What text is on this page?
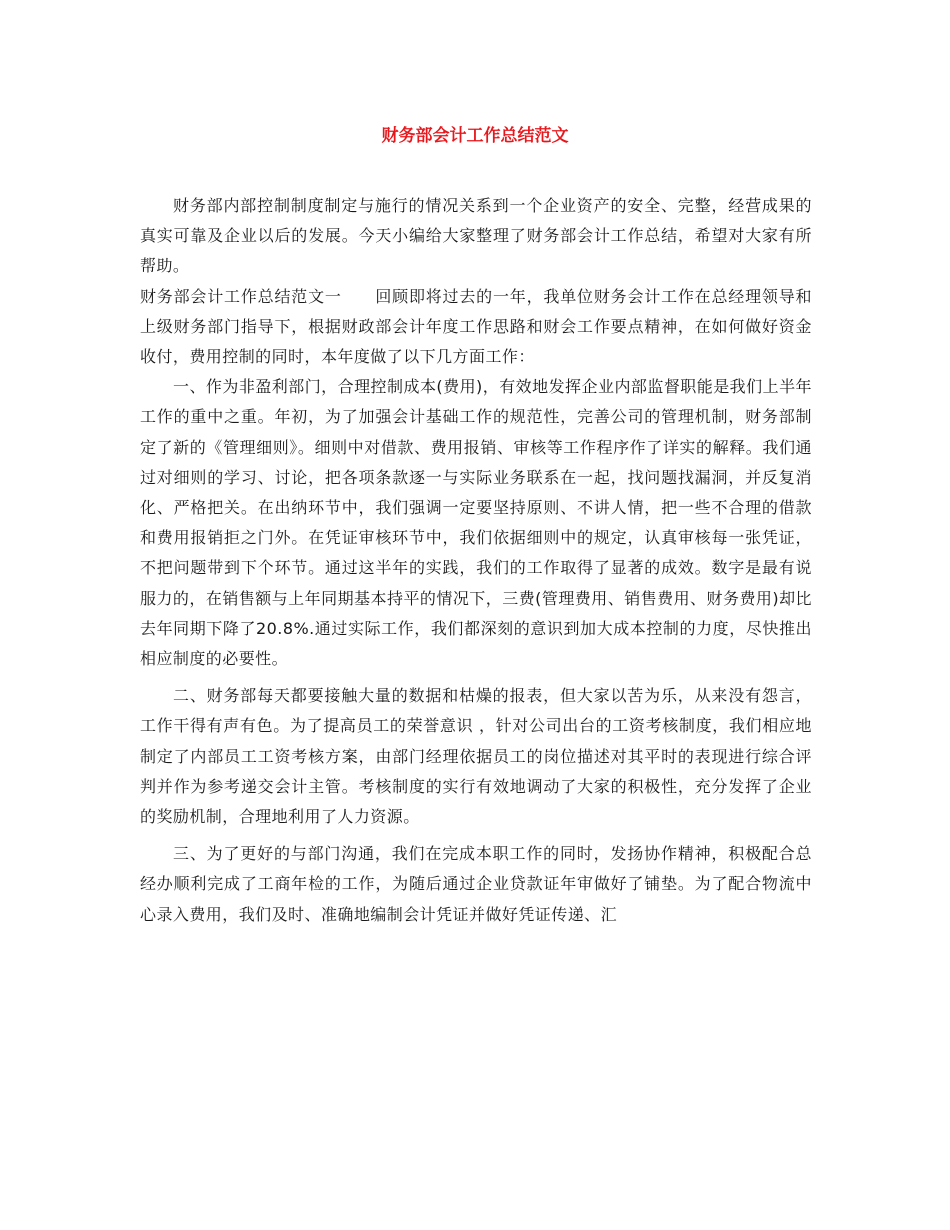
财务部会计工作总结范文

财务部内部控制制度制定与施行的情况关系到一个企业资产的安全、完整，经营成果的真实可靠及企业以后的发展。今天小编给大家整理了财务部会计工作总结，希望对大家有所帮助。

财务部会计工作总结范文一　　回顾即将过去的一年，我单位财务会计工作在总经理领导和上级财务部门指导下，根据财政部会计年度工作思路和财会工作要点精神，在如何做好资金收付，费用控制的同时，本年度做了以下几方面工作：

一、作为非盈利部门，合理控制成本(费用)，有效地发挥企业内部监督职能是我们上半年工作的重中之重。年初，为了加强会计基础工作的规范性，完善公司的管理机制，财务部制定了新的《管理细则》。细则中对借款、费用报销、审核等工作程序作了详实的解释。我们通过对细则的学习、讨论，把各项条款逐一与实际业务联系在一起，找问题找漏洞，并反复消化、严格把关。在出纳环节中，我们强调一定要坚持原则、不讲人情，把一些不合理的借款和费用报销拒之门外。在凭证审核环节中，我们依据细则中的规定，认真审核每一张凭证，不把问题带到下个环节。通过这半年的实践，我们的工作取得了显著的成效。数字是最有说服力的，在销售额与上年同期基本持平的情况下，三费(管理费用、销售费用、财务费用)却比去年同期下降了20.8%.通过实际工作，我们都深刻的意识到加大成本控制的力度，尽快推出相应制度的必要性。

二、财务部每天都要接触大量的数据和枯燥的报表，但大家以苦为乐，从来没有怨言，工作干得有声有色。为了提高员工的荣誉意识 ，针对公司出台的工资考核制度，我们相应地制定了内部员工工资考核方案，由部门经理依据员工的岗位描述对其平时的表现进行综合评判并作为参考递交会计主管。考核制度的实行有效地调动了大家的积极性，充分发挥了企业的奖励机制，合理地利用了人力资源。

三、为了更好的与部门沟通，我们在完成本职工作的同时，发扬协作精神，积极配合总经办顺利完成了工商年检的工作，为随后通过企业贷款证年审做好了铺垫。为了配合物流中心录入费用，我们及时、准确地编制会计凭证并做好凭证传递、汇
